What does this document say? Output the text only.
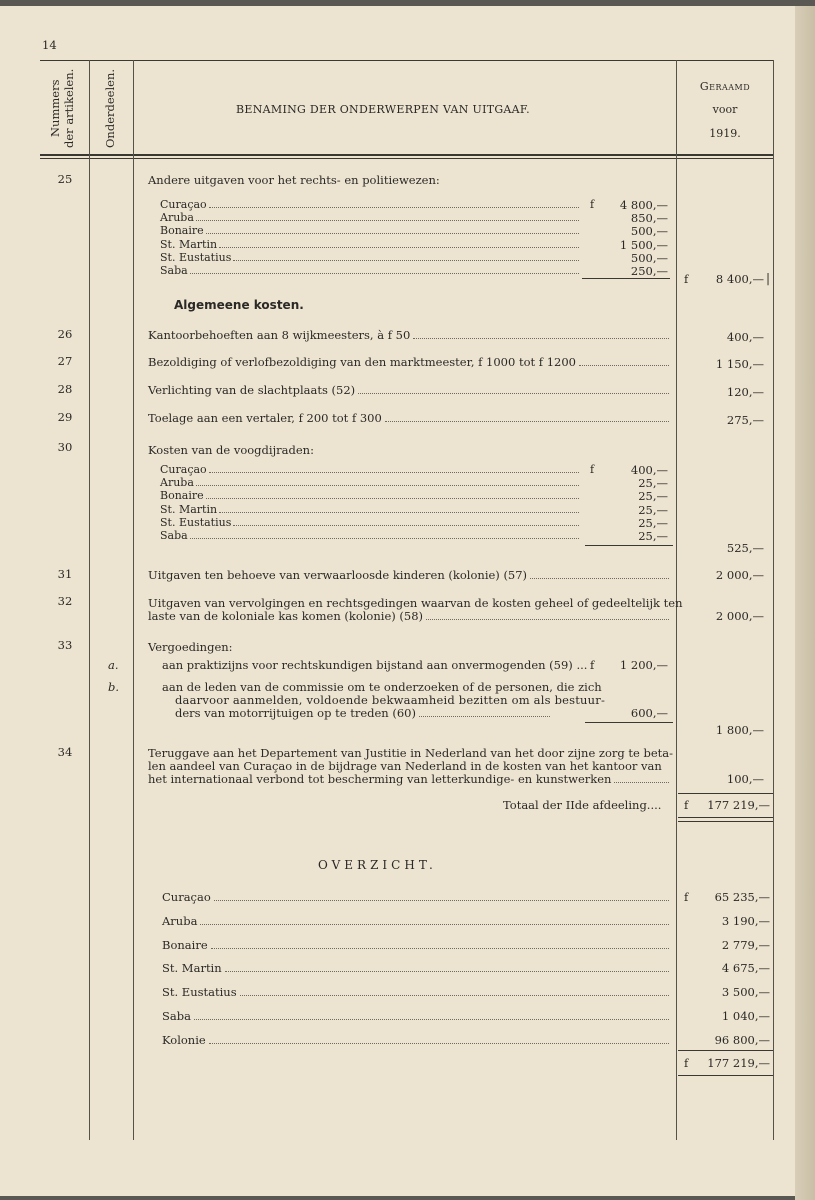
14
Nummers der artikelen. Onderdeelen.	BENAMING DER ONDERWERPEN VAN UITGAAF.
Geraamd
voor
1919.
25	Andere uitgaven voor het rechts- en politiewezen:
Curaçao	4 800,—
Aruba	850,—
Bonaire	500,—
St. Martin	1 500,—
St. Eustatius	500,—
Saba	250,—
f
f	8 400,— |
Algemeene kosten.
26	Kantoorbehoeften aan 8 wijkmeesters, à f 50	400,—
27	Bezoldiging of verlofbezoldiging van den marktmeester, f 1000 tot f 1200	1 150,—
28	Verlichting van de slachtplaats (52)	120,—
29	Toelage aan een vertaler, f 200 tot f 300	275,—
30	Kosten van de voogdijraden:
Curaçao	400,—
Aruba	25,—
Bonaire	25,—
St. Martin	25,—
St. Eustatius	25,—
Saba	25,—
f
525,—
31	Uitgaven ten behoeve van verwaarloosde kinderen (kolonie) (57)	2 000,—
32	Uitgaven van vervolgingen en rechtsgedingen waarvan de kosten geheel of gedeeltelijk ten
laste van de koloniale kas komen (kolonie) (58)	2 000,—
33	Vergoedingen:
a.	aan praktizijns voor rechtskundigen bijstand aan onvermogenden (59) ... f	1 200,—
b.	aan de leden van de commissie om te onderzoeken of de personen, die zich
daarvoor aanmelden, voldoende bekwaamheid bezitten om als bestuur-
ders van motorrijtuigen op te treden (60)	600,—
1 800,—
34	Teruggave aan het Departement van Justitie in Nederland van het door zijne zorg te beta-
len aandeel van Curaçao in de bijdrage van Nederland in de kosten van het kantoor van
het internationaal verbond tot bescherming van letterkundige- en kunstwerken	100,—
Totaal der IIde afdeeling.... f	177 219,—
OVERZICHT.
Curaçao	65 235,—
Aruba	3 190,—
Bonaire	2 779,—
St. Martin	4 675,—
St. Eustatius	3 500,—
Saba	1 040,—
Kolonie	96 800,—
f
f	177 219,—
